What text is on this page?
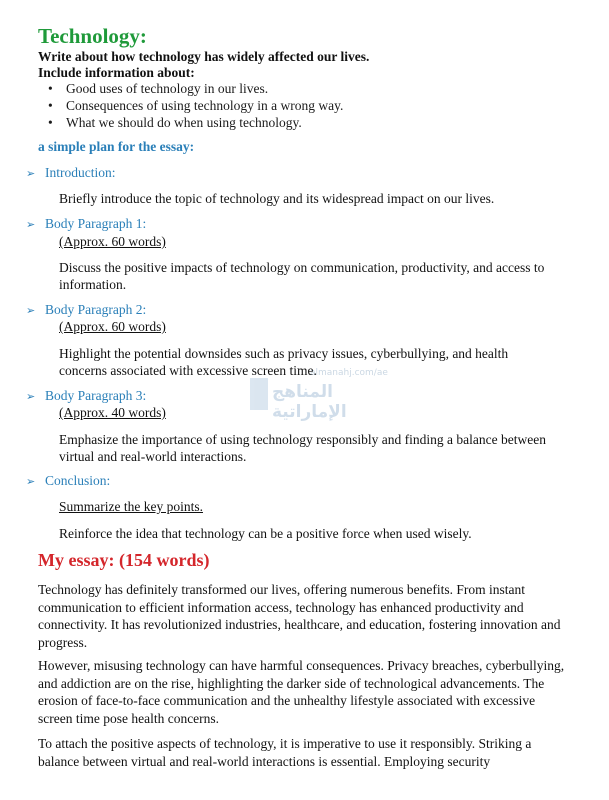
Technology:
Write about how technology has widely affected our lives.
Include information about:
• Good uses of technology in our lives.
• Consequences of using technology in a wrong way.
• What we should do when using technology.
a simple plan for the essay:
➢ Introduction:
Briefly introduce the topic of technology and its widespread impact on our lives.
➢ Body Paragraph 1:
(Approx. 60 words)
Discuss the positive impacts of technology on communication, productivity, and access to information.
➢ Body Paragraph 2:
(Approx. 60 words)
Highlight the potential downsides such as privacy issues, cyberbullying, and health concerns associated with excessive screen time.
➢ Body Paragraph 3:
(Approx. 40 words)
Emphasize the importance of using technology responsibly and finding a balance between virtual and real-world interactions.
➢ Conclusion:
Summarize the key points.
Reinforce the idea that technology can be a positive force when used wisely.
almanahj.com/ae
المناهج الإماراتية
My essay: (154 words)
Technology has definitely transformed our lives, offering numerous benefits. From instant communication to efficient information access, technology has enhanced productivity and connectivity. It has revolutionized industries, healthcare, and education, fostering innovation and progress.
However, misusing technology can have harmful consequences. Privacy breaches, cyberbullying, and addiction are on the rise, highlighting the darker side of technological advancements. The erosion of face-to-face communication and the unhealthy lifestyle associated with excessive screen time pose health concerns.
To attach the positive aspects of technology, it is imperative to use it responsibly. Striking a balance between virtual and real-world interactions is essential. Employing security
